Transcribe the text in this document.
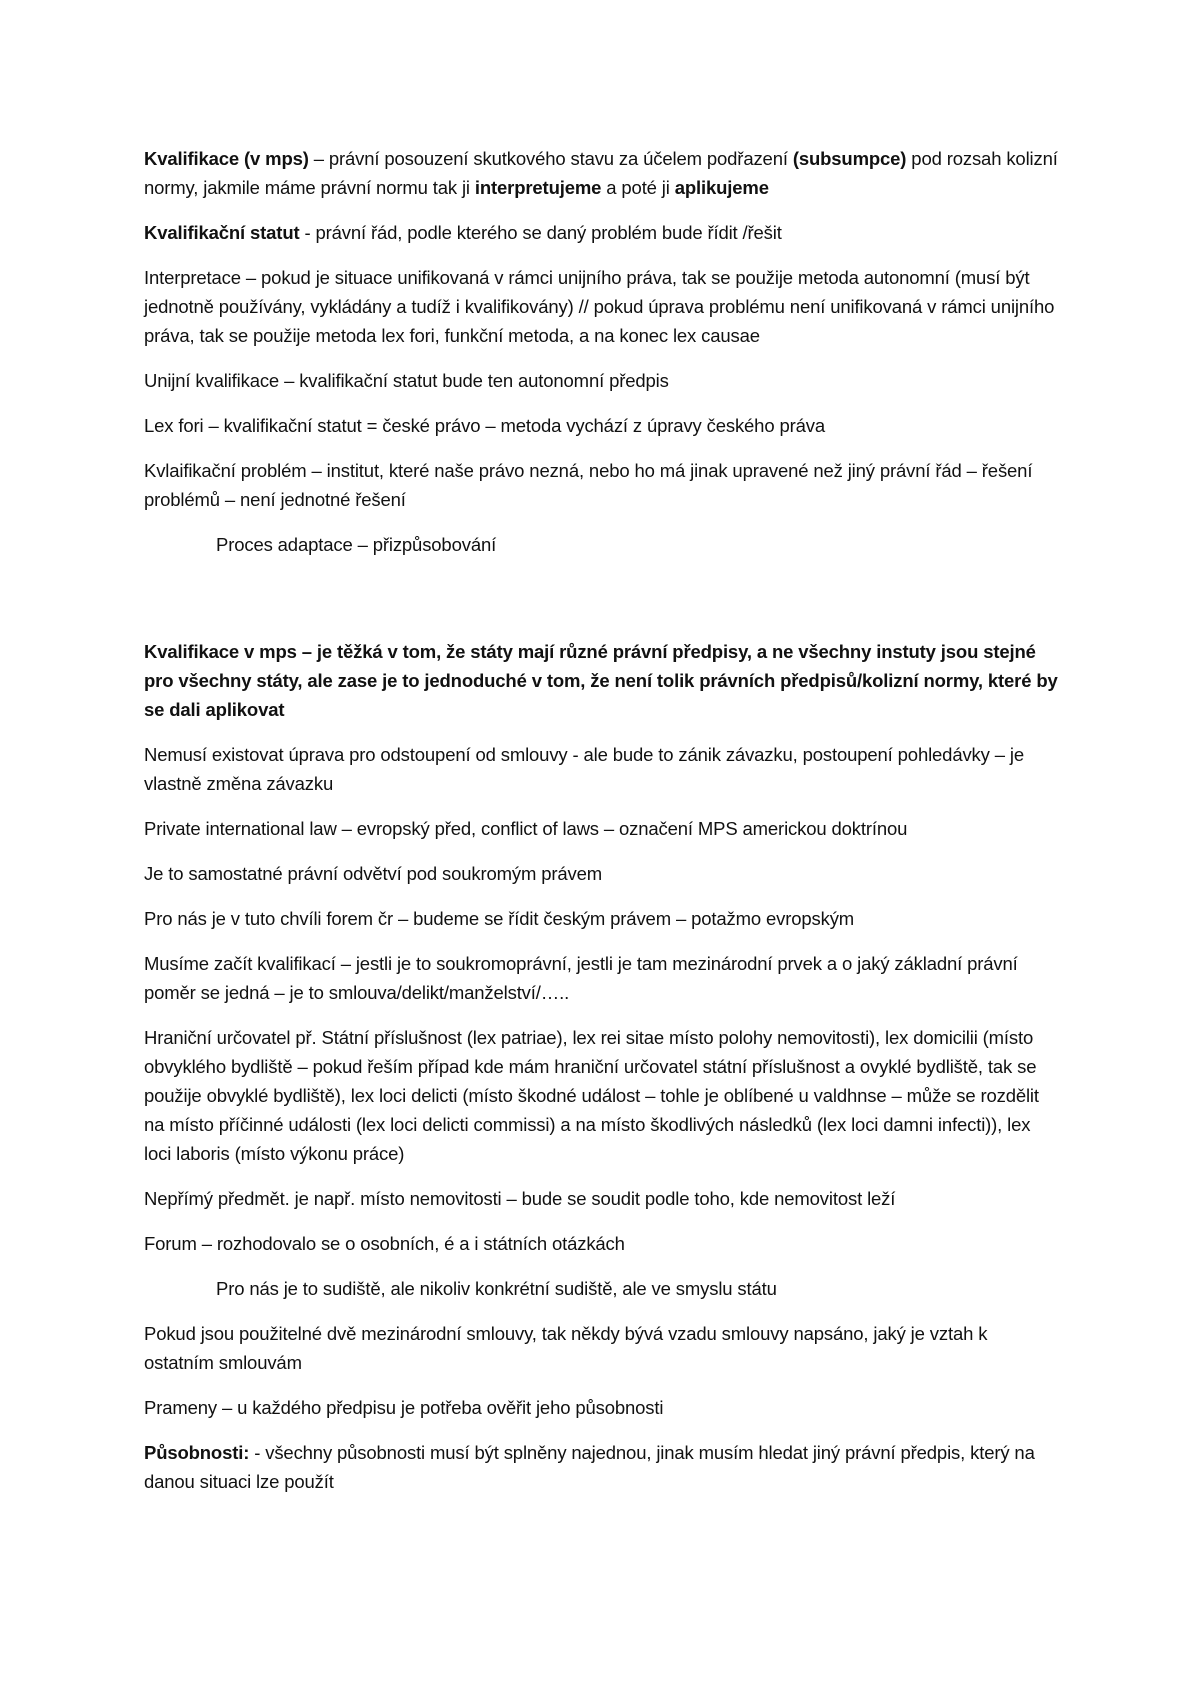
Kvalifikace (v mps) – právní posouzení skutkového stavu za účelem podřazení (subsumpce) pod rozsah kolizní normy, jakmile máme právní normu tak ji interpretujeme a poté ji aplikujeme

Kvalifikační statut - právní řád, podle kterého se daný problém bude řídit /řešit

Interpretace – pokud je situace unifikovaná v rámci unijního práva, tak se použije metoda autonomní (musí být jednotně používány, vykládány a tudíž i kvalifikovány) // pokud úprava problému není unifikovaná v rámci unijního práva, tak se použije metoda lex fori, funkční metoda, a na konec lex causae

Unijní kvalifikace – kvalifikační statut bude ten autonomní předpis

Lex fori – kvalifikační statut = české právo – metoda vychází z úpravy českého práva

Kvlaifikační problém – institut, které naše právo nezná, nebo ho má jinak upravené než jiný právní řád – řešení problémů – není jednotné řešení

Proces adaptace – přizpůsobování

Kvalifikace v mps – je těžká v tom, že státy mají různé právní předpisy, a ne všechny instuty jsou stejné pro všechny státy, ale zase je to jednoduché v tom, že není tolik právních předpisů/kolizní normy, které by se dali aplikovat

Nemusí existovat úprava pro odstoupení od smlouvy - ale bude to zánik závazku, postoupení pohledávky – je vlastně změna závazku

Private international law – evropský před, conflict of laws – označení MPS americkou doktrínou

Je to samostatné právní odvětví pod soukromým právem

Pro nás je v tuto chvíli forem čr – budeme se řídit českým právem – potažmo evropským

Musíme začít kvalifikací – jestli je to soukromoprávní, jestli je tam mezinárodní prvek a o jaký základní právní poměr se jedná – je to smlouva/delikt/manželství/…..

Hraniční určovatel př. Státní příslušnost (lex patriae), lex rei sitae místo polohy nemovitosti), lex domicilii (místo obvyklého bydliště – pokud řeším případ kde mám hraniční určovatel státní příslušnost a ovyklé bydliště, tak se použije obvyklé bydliště), lex loci delicti (místo škodné událost – tohle je oblíbené u valdhnse – může se rozdělit na místo příčinné události (lex loci delicti commissi) a na místo škodlivých následků (lex loci damni infecti)), lex loci laboris (místo výkonu práce)

Nepřímý předmět. je např. místo nemovitosti – bude se soudit podle toho, kde nemovitost leží

Forum – rozhodovalo se o osobních, é a i státních otázkách

Pro nás je to sudiště, ale nikoliv konkrétní sudiště, ale ve smyslu státu

Pokud jsou použitelné dvě mezinárodní smlouvy, tak někdy bývá vzadu smlouvy napsáno, jaký je vztah k ostatním smlouvám

Prameny – u každého předpisu je potřeba ověřit jeho působnosti

Působnosti: - všechny působnosti musí být splněny najednou, jinak musím hledat jiný právní předpis, který na danou situaci lze použít
